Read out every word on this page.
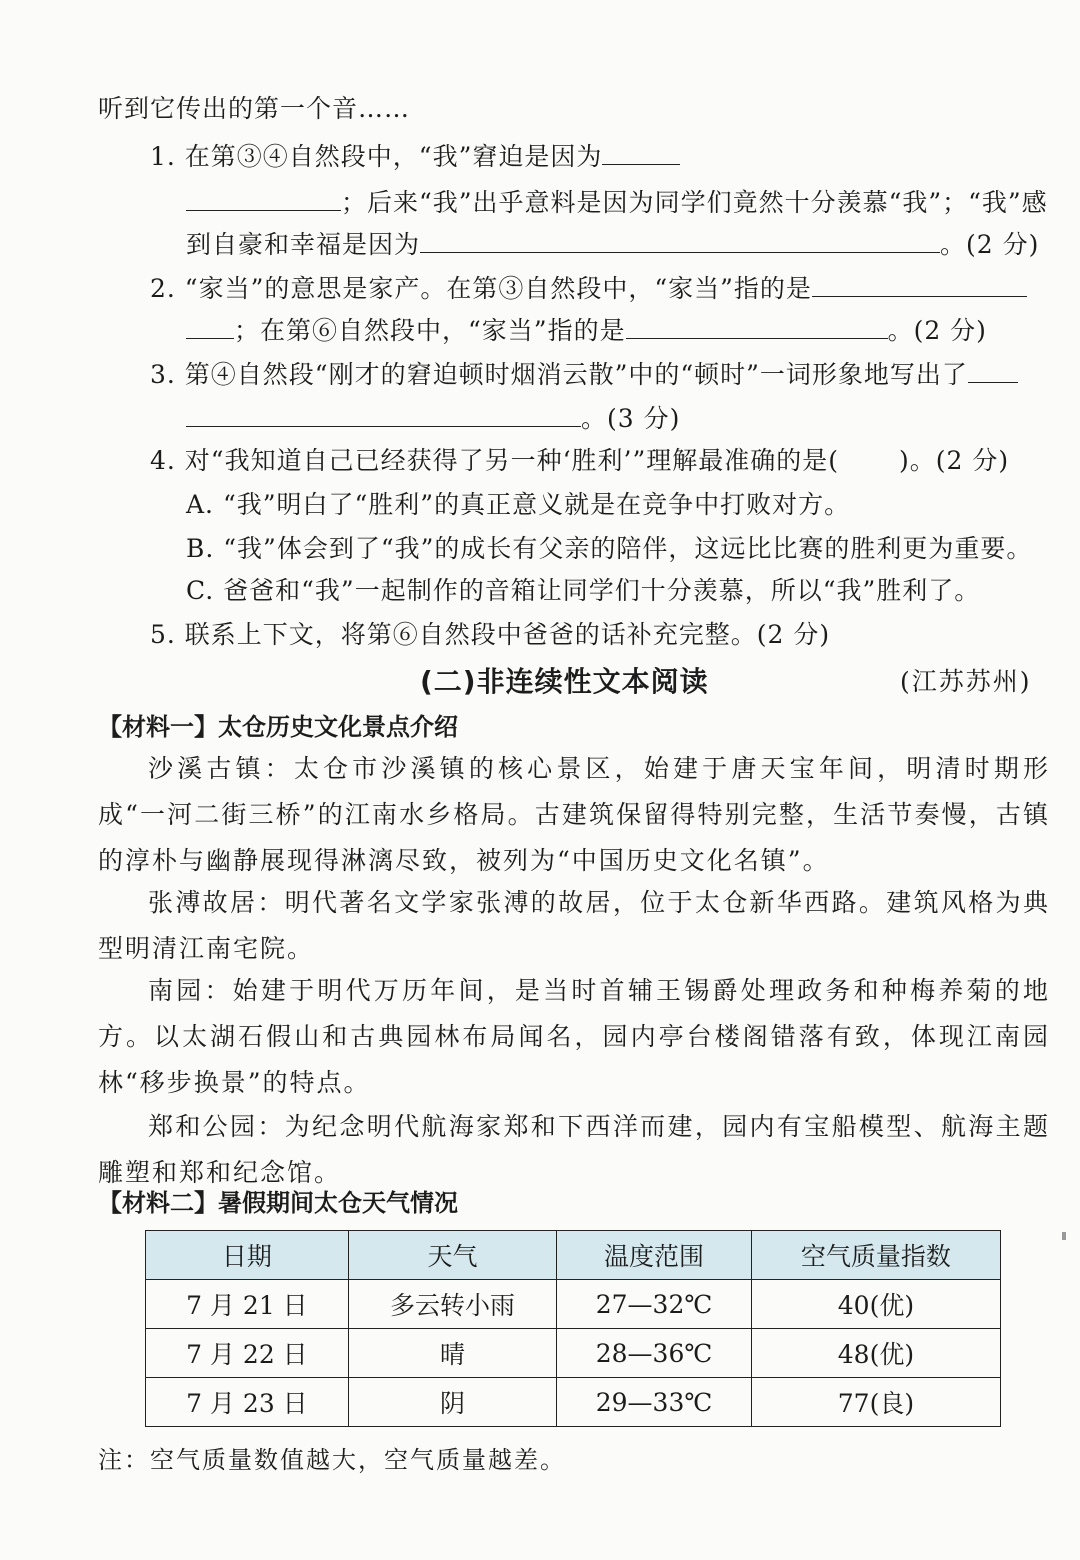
听到它传出的第一个音……
1. 在第③④自然段中，“我”窘迫是因为
；后来“我”出乎意料是因为同学们竟然十分羡慕“我”；“我”感
到自豪和幸福是因为	。(2 分)
2. “家当”的意思是家产。在第③自然段中，“家当”指的是
；在第⑥自然段中，“家当”指的是	。(2 分)
3. 第④自然段“刚才的窘迫顿时烟消云散”中的“顿时”一词形象地写出了
。(3 分)
4. 对“我知道自己已经获得了另一种‘胜利’”理解最准确的是( )。(2 分)
A. “我”明白了“胜利”的真正意义就是在竞争中打败对方。
B. “我”体会到了“我”的成长有父亲的陪伴，这远比比赛的胜利更为重要。
C. 爸爸和“我”一起制作的音箱让同学们十分羡慕，所以“我”胜利了。
5. 联系上下文，将第⑥自然段中爸爸的话补充完整。(2 分)
(二)非连续性文本阅读	(江苏苏州)
【材料一】太仓历史文化景点介绍
沙溪古镇：太仓市沙溪镇的核心景区，始建于唐天宝年间，明清时期形成“一河二街三桥”的江南水乡格局。古建筑保留得特别完整，生活节奏慢，古镇的淳朴与幽静展现得淋漓尽致，被列为“中国历史文化名镇”。
张溥故居：明代著名文学家张溥的故居，位于太仓新华西路。建筑风格为典型明清江南宅院。
南园：始建于明代万历年间，是当时首辅王锡爵处理政务和种梅养菊的地方。以太湖石假山和古典园林布局闻名，园内亭台楼阁错落有致，体现江南园林“移步换景”的特点。
郑和公园：为纪念明代航海家郑和下西洋而建，园内有宝船模型、航海主题雕塑和郑和纪念馆。
【材料二】暑假期间太仓天气情况
日期	天气	温度范围	空气质量指数
7 月 21 日	多云转小雨	27—32℃	40(优)
7 月 22 日	晴	28—36℃	48(优)
7 月 23 日	阴	29—33℃	77(良)
注：空气质量数值越大，空气质量越差。
